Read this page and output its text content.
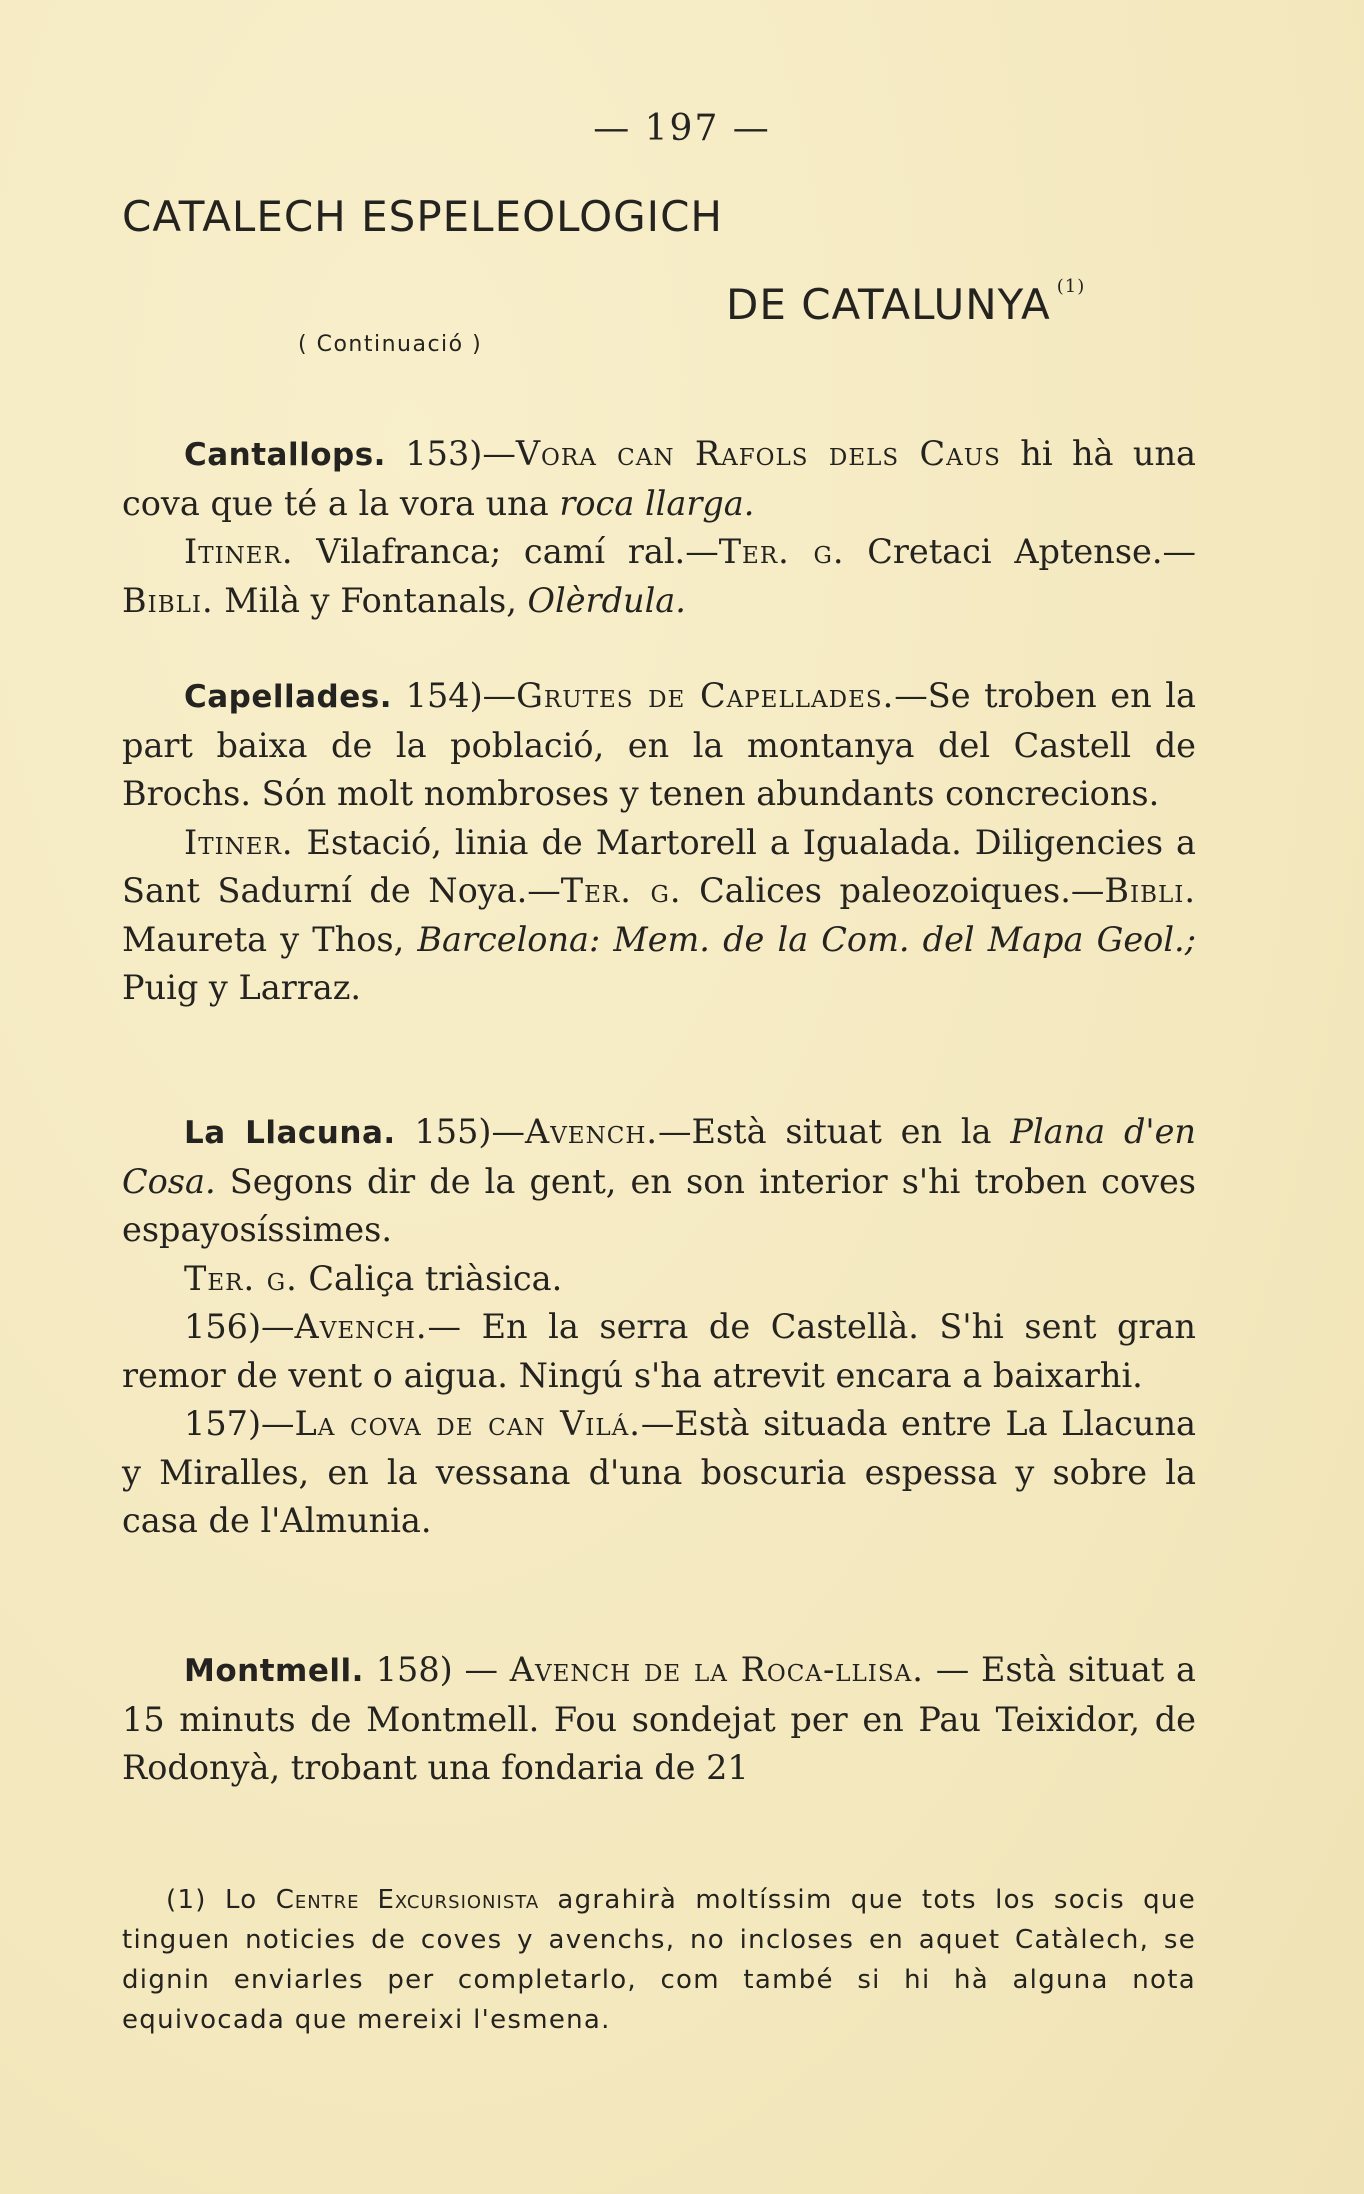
— 197 —
CATALECH ESPELEOLOGICH
DE CATALUNYA $^{(1)}$
( Continuació )

Cantallops. 153)—Vora can Rafols dels Caus hi hà una cova que té a la vora una roca llarga.

Itiner. Vilafranca; camí ral.—Ter. g. Cretaci Aptense.—Bibli. Milà y Fontanals, Olèrdula.

Capellades. 154)—Grutes de Capellades.—Se troben en la part baixa de la població, en la montanya del Castell de Brochs. Són molt nombroses y tenen abundants concrecions.

Itiner. Estació, linia de Martorell a Igualada. Diligencies a Sant Sadurní de Noya.—Ter. g. Calices paleozoiques.—Bibli. Maureta y Thos, Barcelona: Mem. de la Com. del Mapa Geol.; Puig y Larraz.

La Llacuna. 155)—Avench.—Està situat en la Plana d'en Cosa. Segons dir de la gent, en son interior s'hi troben coves espayosíssimes.

Ter. g. Caliça triàsica.

156)—Avench.— En la serra de Castellà. S'hi sent gran remor de vent o aigua. Ningú s'ha atrevit encara a baixarhi.

157)—La cova de can Vilá.—Està situada entre La Llacuna y Miralles, en la vessana d'una boscuria espessa y sobre la casa de l'Almunia.

Montmell. 158) — Avench de la Roca-llisa. — Està situat a 15 minuts de Montmell. Fou sondejat per en Pau Teixidor, de Rodonyà, trobant una fondaria de 21

(1) Lo Centre Excursionista agrahirà moltíssim que tots los socis que tinguen noticies de coves y avenchs, no incloses en aquet Catàlech, se dignin enviarles per completarlo, com també si hi hà alguna nota equivocada que mereixi l'esmena.
